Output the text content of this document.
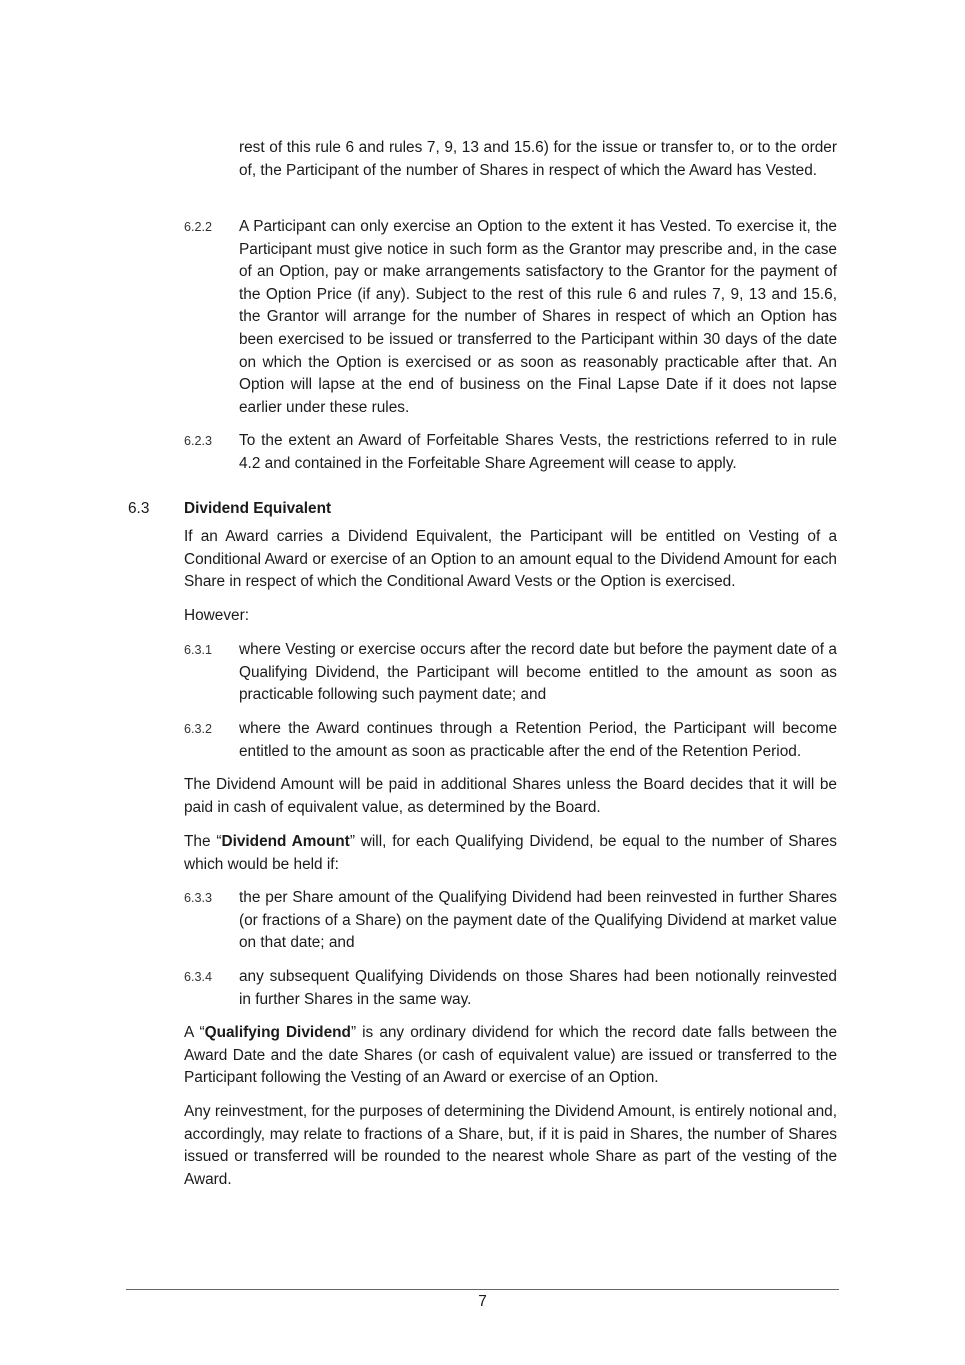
rest of this rule 6 and rules 7, 9, 13 and 15.6) for the issue or transfer to, or to the order of, the Participant of the number of Shares in respect of which the Award has Vested.

6.2.2 A Participant can only exercise an Option to the extent it has Vested. To exercise it, the Participant must give notice in such form as the Grantor may prescribe and, in the case of an Option, pay or make arrangements satisfactory to the Grantor for the payment of the Option Price (if any). Subject to the rest of this rule 6 and rules 7, 9, 13 and 15.6, the Grantor will arrange for the number of Shares in respect of which an Option has been exercised to be issued or transferred to the Participant within 30 days of the date on which the Option is exercised or as soon as reasonably practicable after that. An Option will lapse at the end of business on the Final Lapse Date if it does not lapse earlier under these rules.

6.2.3 To the extent an Award of Forfeitable Shares Vests, the restrictions referred to in rule 4.2 and contained in the Forfeitable Share Agreement will cease to apply.

6.3 Dividend Equivalent

If an Award carries a Dividend Equivalent, the Participant will be entitled on Vesting of a Conditional Award or exercise of an Option to an amount equal to the Dividend Amount for each Share in respect of which the Conditional Award Vests or the Option is exercised.

However:

6.3.1 where Vesting or exercise occurs after the record date but before the payment date of a Qualifying Dividend, the Participant will become entitled to the amount as soon as practicable following such payment date; and

6.3.2 where the Award continues through a Retention Period, the Participant will become entitled to the amount as soon as practicable after the end of the Retention Period.

The Dividend Amount will be paid in additional Shares unless the Board decides that it will be paid in cash of equivalent value, as determined by the Board.

The “Dividend Amount” will, for each Qualifying Dividend, be equal to the number of Shares which would be held if:

6.3.3 the per Share amount of the Qualifying Dividend had been reinvested in further Shares (or fractions of a Share) on the payment date of the Qualifying Dividend at market value on that date; and

6.3.4 any subsequent Qualifying Dividends on those Shares had been notionally reinvested in further Shares in the same way.

A “Qualifying Dividend” is any ordinary dividend for which the record date falls between the Award Date and the date Shares (or cash of equivalent value) are issued or transferred to the Participant following the Vesting of an Award or exercise of an Option.

Any reinvestment, for the purposes of determining the Dividend Amount, is entirely notional and, accordingly, may relate to fractions of a Share, but, if it is paid in Shares, the number of Shares issued or transferred will be rounded to the nearest whole Share as part of the vesting of the Award.

7
